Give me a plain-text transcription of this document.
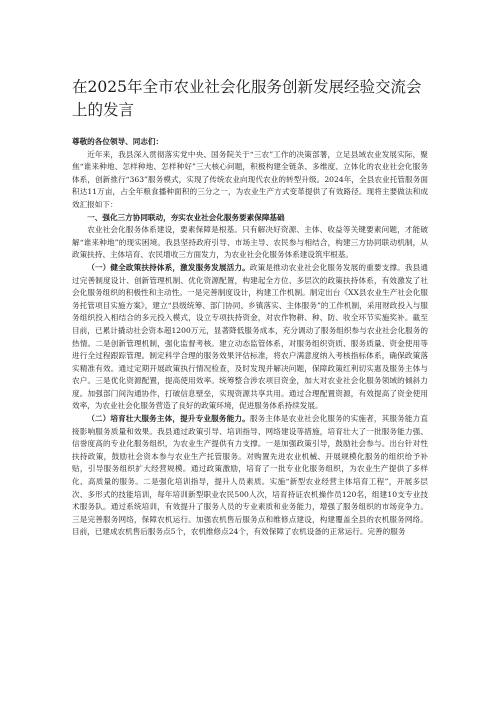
在2025年全市农业社会化服务创新发展经验交流会上的发言
尊敬的各位领导、同志们：

近年来，我县深入贯彻落实党中央、国务院关于“三农”工作的决策部署，立足县域农业发展实际，聚焦“谁来种地、怎样种地、怎样种好”三大核心问题，积极构建全链条、多维度、立体化的农业社会化服务体系，创新推行“363”服务模式，实现了传统农业向现代农业的转型升级。2024年，全县农业托管服务面积达11万亩，占全年粮食播种面积的三分之一，为农业生产方式变革提供了有效路径。现将主要做法和成效汇报如下：

一、强化三方协同联动，夯实农业社会化服务要素保障基础

农业社会化服务体系建设，要素保障是根基。只有解决好资源、主体、收益等关键要素问题，才能破解“谁来种地”的现实困境。我县坚持政府引导、市场主导、农民参与相结合，构建三方协同联动机制，从政策扶持、主体培育、农民增收三方面发力，为农业社会化服务体系建设筑牢根基。

（一）健全政策扶持体系，激发服务发展活力。政策是推动农业社会化服务发展的重要支撑。我县通过完善制度设计、创新管理机制、优化资源配置，构建起全方位、多层次的政策扶持体系，有效激发了社会化服务组织的积极性和主动性。一是完善制度设计，构建工作机制。制定出台《XX县农业生产社会化服务托管项目实施方案》，建立“县级统筹、部门协同、乡镇落实、主体服务”的工作机制，采用财政投入与服务组织投入相结合的多元投入模式，设立专项扶持资金，对农作物耕、种、防、收全环节实施奖补。截至目前，已累计撬动社会资本超1200万元，显著降低服务成本，充分调动了服务组织参与农业社会化服务的热情。二是创新管理机制，强化监督考核。建立动态监管体系，对服务组织资质、服务质量、资金使用等进行全过程跟踪管理。制定科学合理的服务效果评估标准，将农户满意度纳入考核指标体系，确保政策落实精准有效。通过定期开展政策执行情况检查，及时发现并解决问题，保障政策红利切实惠及服务主体与农户。三是优化资源配置，提高使用效率。统筹整合涉农项目资金，加大对农业社会化服务领域的倾斜力度。加强部门间沟通协作，打破信息壁垒，实现资源共享共用。通过合理配置资源，有效提高了资金使用效率，为农业社会化服务营造了良好的政策环境，促进服务体系持续发展。

（二）培育壮大服务主体，提升专业服务能力。服务主体是农业社会化服务的实施者，其服务能力直接影响服务质量和效果。我县通过政策引导、培训指导、网络建设等措施，培育壮大了一批服务能力强、信誉度高的专业化服务组织，为农业生产提供有力支撑。一是加强政策引导，鼓励社会参与。出台针对性扶持政策，鼓励社会资本参与农业生产托管服务。对购置先进农业机械、开展规模化服务的组织给予补贴，引导服务组织扩大经营规模。通过政策激励，培育了一批专业化服务组织，为农业生产提供了多样化、高质量的服务。二是强化培训指导，提升人员素质。实施“新型农业经营主体培育工程”，开展多层次、多形式的技能培训，每年培训新型职业农民500人次，培育持证农机操作员120名，组建10支专业技术服务队。通过系统培训，有效提升了服务人员的专业素质和业务能力，增强了服务组织的市场竞争力。三是完善服务网络，保障农机运行。加强农机售后服务点和维修点建设，构建覆盖全县的农机服务网络。目前，已建成农机售后服务点5个，农机维修点24个，有效保障了农机设备的正常运行。完善的服务
